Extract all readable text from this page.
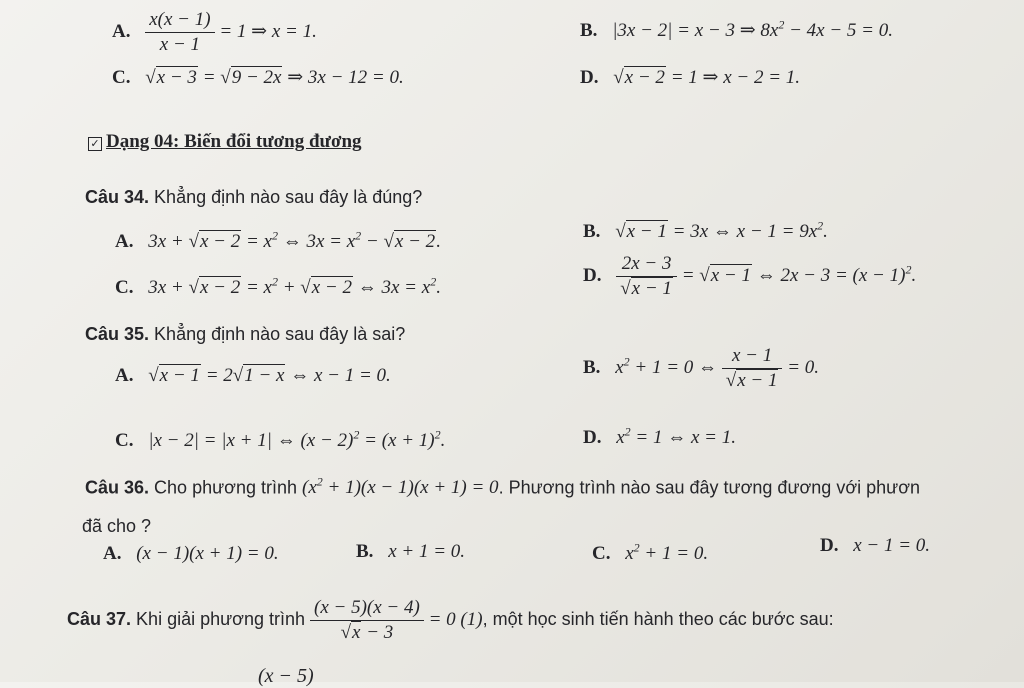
A. $\frac{x(x - 1)}{x - 1} = 1$ ⇒ x = 1.	B. |3x − 2| = x − 3 ⇒ $8x^2 - 4x - 5 = 0$.
C. √ x − 3 = √ 9 − 2x ⇒ 3x − 12 = 0.	D. √ x − 2 = 1 ⇒ x − 2 = 1.
✓ Dạng 04: Biến đổi tương đương
Câu 34. Khẳng định nào sau đây là đúng?
A. 3x + √ $x - 2 = x^2$ ⇔ $3x = x^2$ − √ x − 2.	B. √ x − 1 = 3x ⇔ $x - 1 = 9x^2$.
C. 3x + √ $x - 2 = x^2$ + √ x − 2 ⇔ $3x = x^2$.
D. 2x − 3
√ x − 1 = √ x − 1 ⇔ $2x - 3 = (x - 1)^2$.
Câu 35. Khẳng định nào sau đây là sai?
A. √ x − 1 = 2 √ 1 − x ⇔ x − 1 = 0.	B. $x^2 + 1 = 0$ ⇔ x − 1
√ x − 1 = 0.
C. |x − 2| = |x + 1| ⇔ $(x - 2)^2 = (x + 1)^2$.	D. $x^2 = 1$ ⇔ x = 1.
Câu 36. Cho phương trình $(x^2 + 1)(x - 1)(x + 1) = 0$. Phương trình nào sau đây tương đương với phươn
đã cho ?
A. (x − 1)(x + 1) = 0.	B. x + 1 = 0.	C. $x^2 + 1 = 0$.	D. x − 1 = 0.
Câu 37. Khi giải phương trình (x − 5)(x − 4)
√ x − 3 = 0 (1), một học sinh tiến hành theo các bước sau:
(x − 5)
